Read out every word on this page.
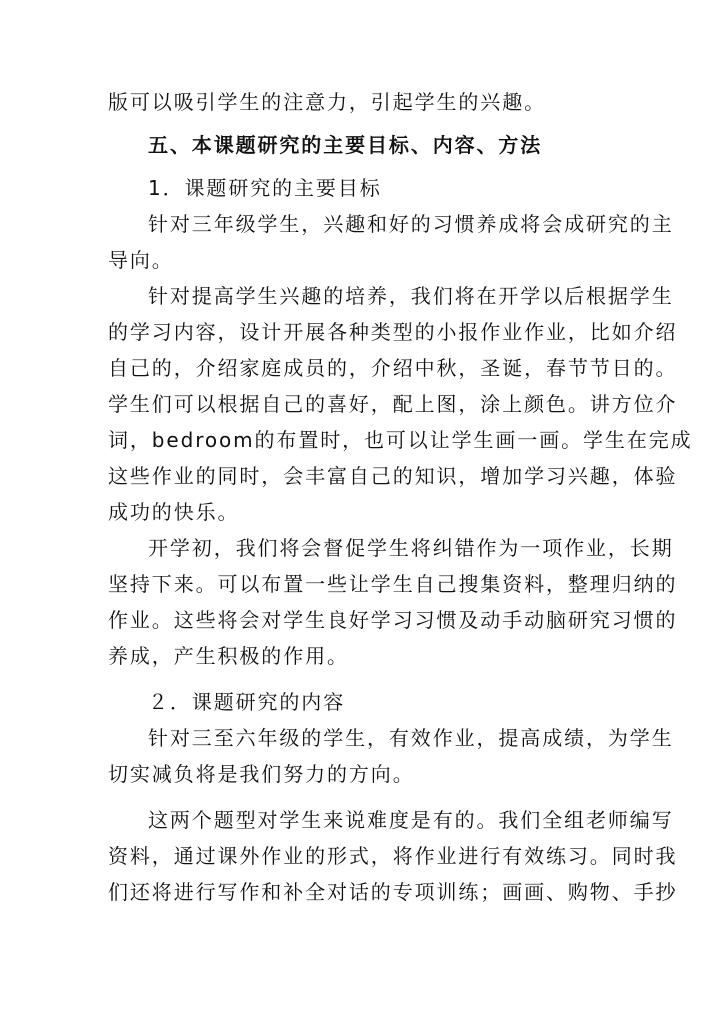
版可以吸引学生的注意力，引起学生的兴趣。
五、本课题研究的主要目标、内容、方法
1．课题研究的主要目标
针对三年级学生，兴趣和好的习惯养成将会成研究的主
导向。
针对提高学生兴趣的培养，我们将在开学以后根据学生
的学习内容，设计开展各种类型的小报作业作业，比如介绍
自己的，介绍家庭成员的，介绍中秋，圣诞，春节节日的。
学生们可以根据自己的喜好，配上图，涂上颜色。讲方位介
词，bedroom的布置时，也可以让学生画一画。学生在完成
这些作业的同时，会丰富自己的知识，增加学习兴趣，体验
成功的快乐。
开学初，我们将会督促学生将纠错作为一项作业，长期
坚持下来。可以布置一些让学生自己搜集资料，整理归纳的
作业。这些将会对学生良好学习习惯及动手动脑研究习惯的
养成，产生积极的作用。
２．课题研究的内容
针对三至六年级的学生，有效作业，提高成绩，为学生
切实减负将是我们努力的方向。
这两个题型对学生来说难度是有的。我们全组老师编写
资料，通过课外作业的形式，将作业进行有效练习。同时我
们还将进行写作和补全对话的专项训练；画画、购物、手抄
